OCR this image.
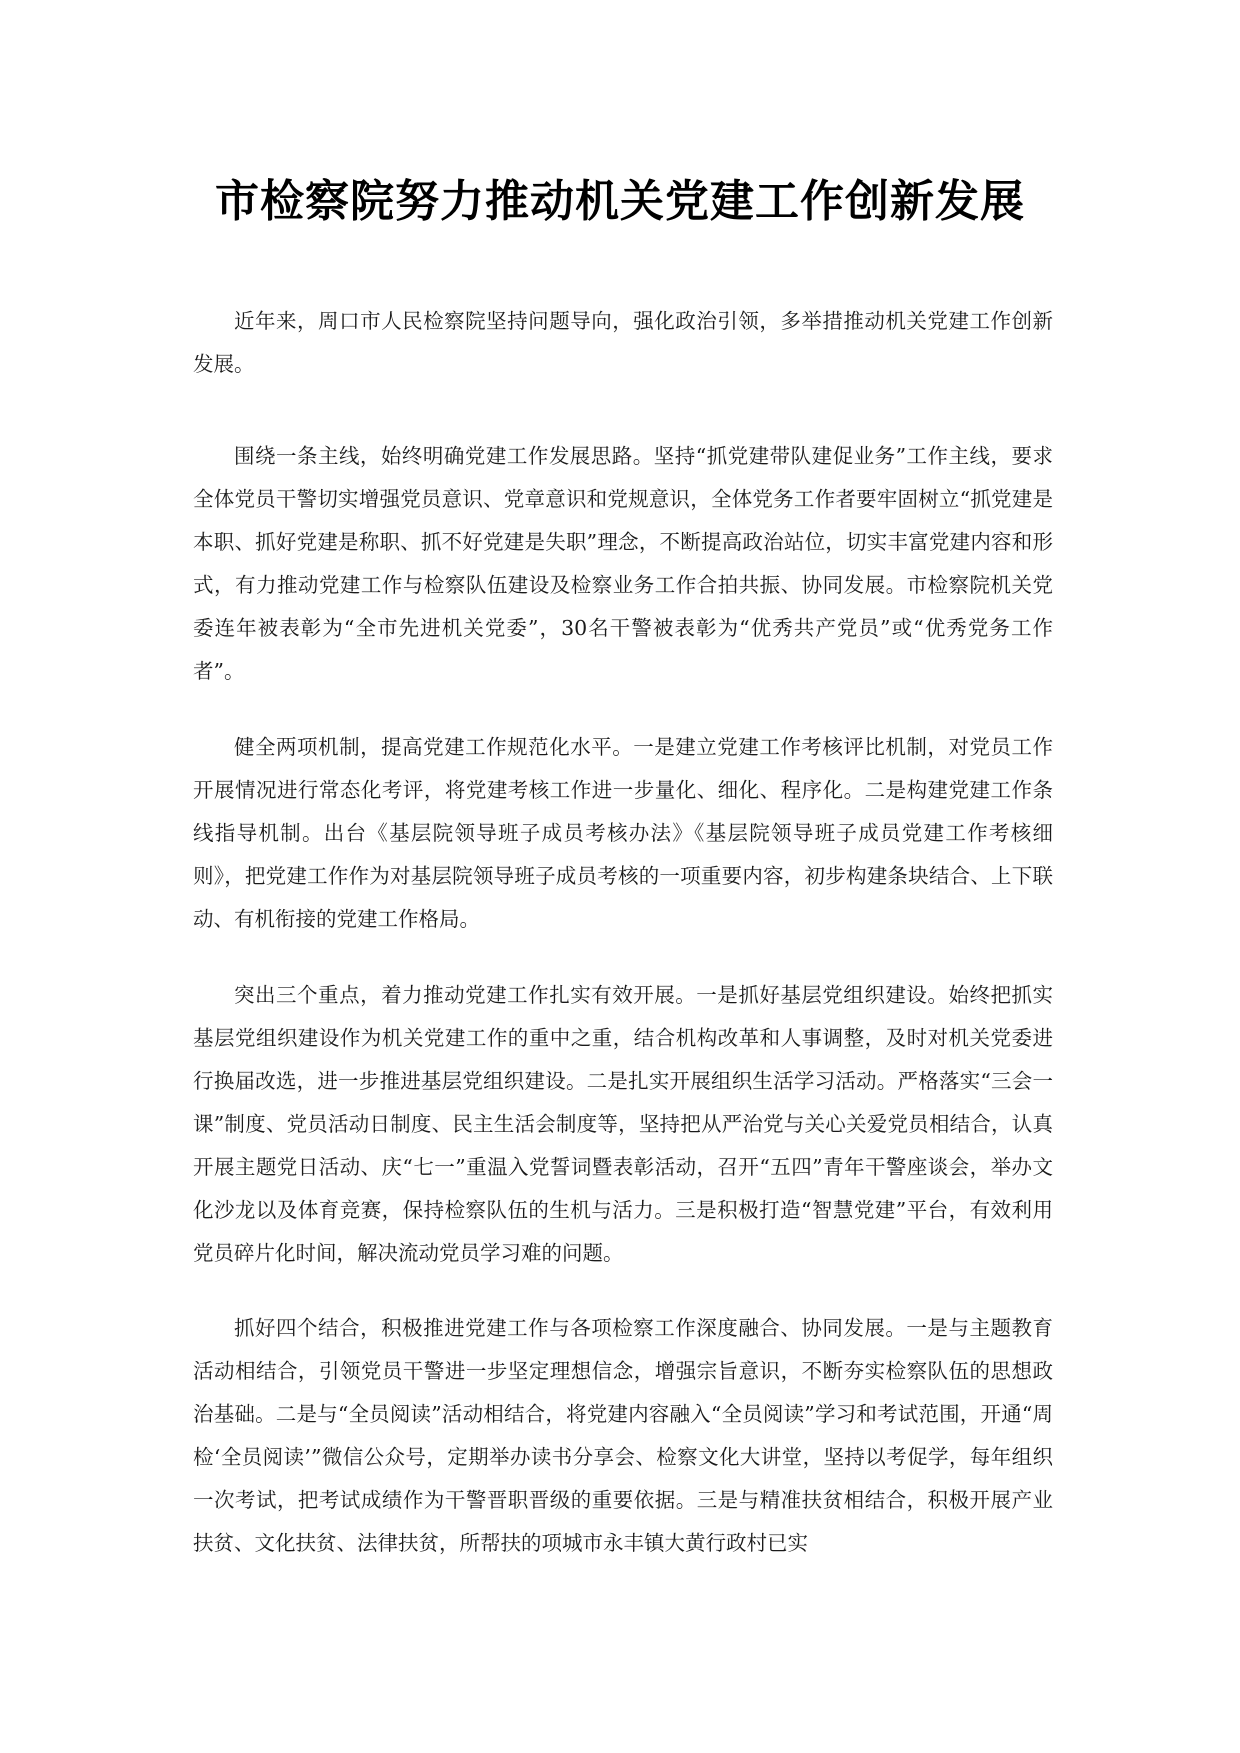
市检察院努力推动机关党建工作创新发展

近年来，周口市人民检察院坚持问题导向，强化政治引领，多举措推动机关党建工作创新发展。

围绕一条主线，始终明确党建工作发展思路。坚持“抓党建带队建促业务”工作主线，要求全体党员干警切实增强党员意识、党章意识和党规意识，全体党务工作者要牢固树立“抓党建是本职、抓好党建是称职、抓不好党建是失职”理念，不断提高政治站位，切实丰富党建内容和形式，有力推动党建工作与检察队伍建设及检察业务工作合拍共振、协同发展。市检察院机关党委连年被表彰为“全市先进机关党委”，30名干警被表彰为“优秀共产党员”或“优秀党务工作者”。

健全两项机制，提高党建工作规范化水平。一是建立党建工作考核评比机制，对党员工作开展情况进行常态化考评，将党建考核工作进一步量化、细化、程序化。二是构建党建工作条线指导机制。出台《基层院领导班子成员考核办法》《基层院领导班子成员党建工作考核细则》，把党建工作作为对基层院领导班子成员考核的一项重要内容，初步构建条块结合、上下联动、有机衔接的党建工作格局。

突出三个重点，着力推动党建工作扎实有效开展。一是抓好基层党组织建设。始终把抓实基层党组织建设作为机关党建工作的重中之重，结合机构改革和人事调整，及时对机关党委进行换届改选，进一步推进基层党组织建设。二是扎实开展组织生活学习活动。严格落实“三会一课”制度、党员活动日制度、民主生活会制度等，坚持把从严治党与关心关爱党员相结合，认真开展主题党日活动、庆“七一”重温入党誓词暨表彰活动，召开“五四”青年干警座谈会，举办文化沙龙以及体育竞赛，保持检察队伍的生机与活力。三是积极打造“智慧党建”平台，有效利用党员碎片化时间，解决流动党员学习难的问题。

抓好四个结合，积极推进党建工作与各项检察工作深度融合、协同发展。一是与主题教育活动相结合，引领党员干警进一步坚定理想信念，增强宗旨意识，不断夯实检察队伍的思想政治基础。二是与“全员阅读”活动相结合，将党建内容融入“全员阅读”学习和考试范围，开通“周检‘全员阅读’”微信公众号，定期举办读书分享会、检察文化大讲堂，坚持以考促学，每年组织一次考试，把考试成绩作为干警晋职晋级的重要依据。三是与精准扶贫相结合，积极开展产业扶贫、文化扶贫、法律扶贫，所帮扶的项城市永丰镇大黄行政村已实
